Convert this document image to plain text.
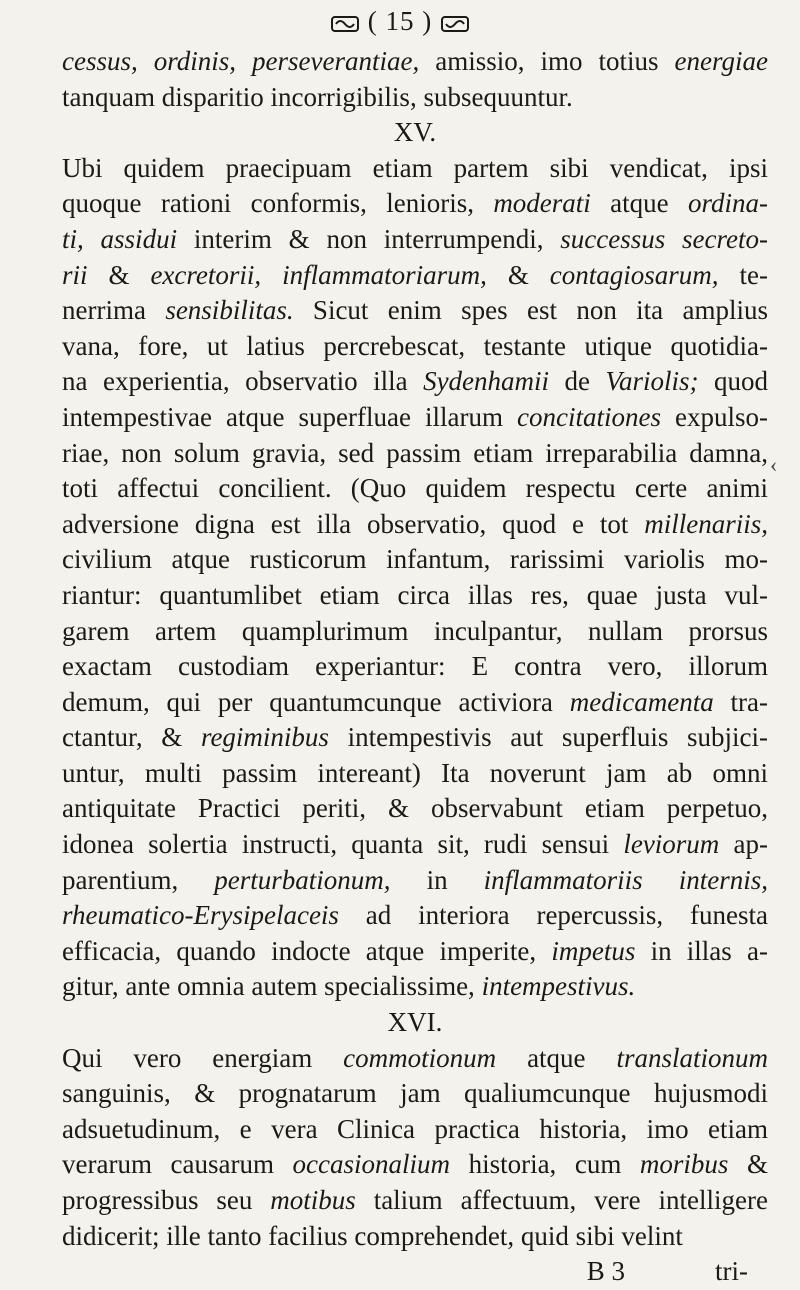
( 15 )
cessus, ordinis, perseverantiae, amissio, imo totius energiae
tanquam disparitio incorrigibilis, subsequuntur.
XV.
Ubi quidem praecipuam etiam partem sibi vendicat, ipsi
quoque rationi conformis, lenioris, moderati atque ordina-
ti, assidui interim & non interrumpendi, successus secreto-
rii & excretorii, inflammatoriarum, & contagiosarum, te-
nerrima sensibilitas. Sicut enim spes est non ita amplius
vana, fore, ut latius percrebescat, testante utique quotidia-
na experientia, observatio illa Sydenhamii de Variolis; quod
intempestivae atque superfluae illarum concitationes expulso-
riae, non solum gravia, sed passim etiam irreparabilia damna,
toti affectui concilient. (Quo quidem respectu certe animi
adversione digna est illa observatio, quod e tot millenariis,
civilium atque rusticorum infantum, rarissimi variolis mo-
riantur: quantumlibet etiam circa illas res, quae justa vul-
garem artem quamplurimum inculpantur, nullam prorsus
exactam custodiam experiantur: E contra vero, illorum
demum, qui per quantumcunque activiora medicamenta tra-
ctantur, & regiminibus intempestivis aut superfluis subjici-
untur, multi passim intereant) Ita noverunt jam ab omni
antiquitate Practici periti, & observabunt etiam perpetuo,
idonea solertia instructi, quanta sit, rudi sensui leviorum ap-
parentium, perturbationum, in inflammatoriis internis,
rheumatico-Erysipelaceis ad interiora repercussis, funesta
efficacia, quando indocte atque imperite, impetus in illas a-
gitur, ante omnia autem specialissime, intempestivus.
XVI.
Qui vero energiam commotionum atque translationum
sanguinis, & prognatarum jam qualiumcunque hujusmodi
adsuetudinum, e vera Clinica practica historia, imo etiam
verarum causarum occasionalium historia, cum moribus &
progressibus seu motibus talium affectuum, vere intelligere
didicerit; ille tanto facilius comprehendet, quid sibi velint
B 3	tri-
‹
